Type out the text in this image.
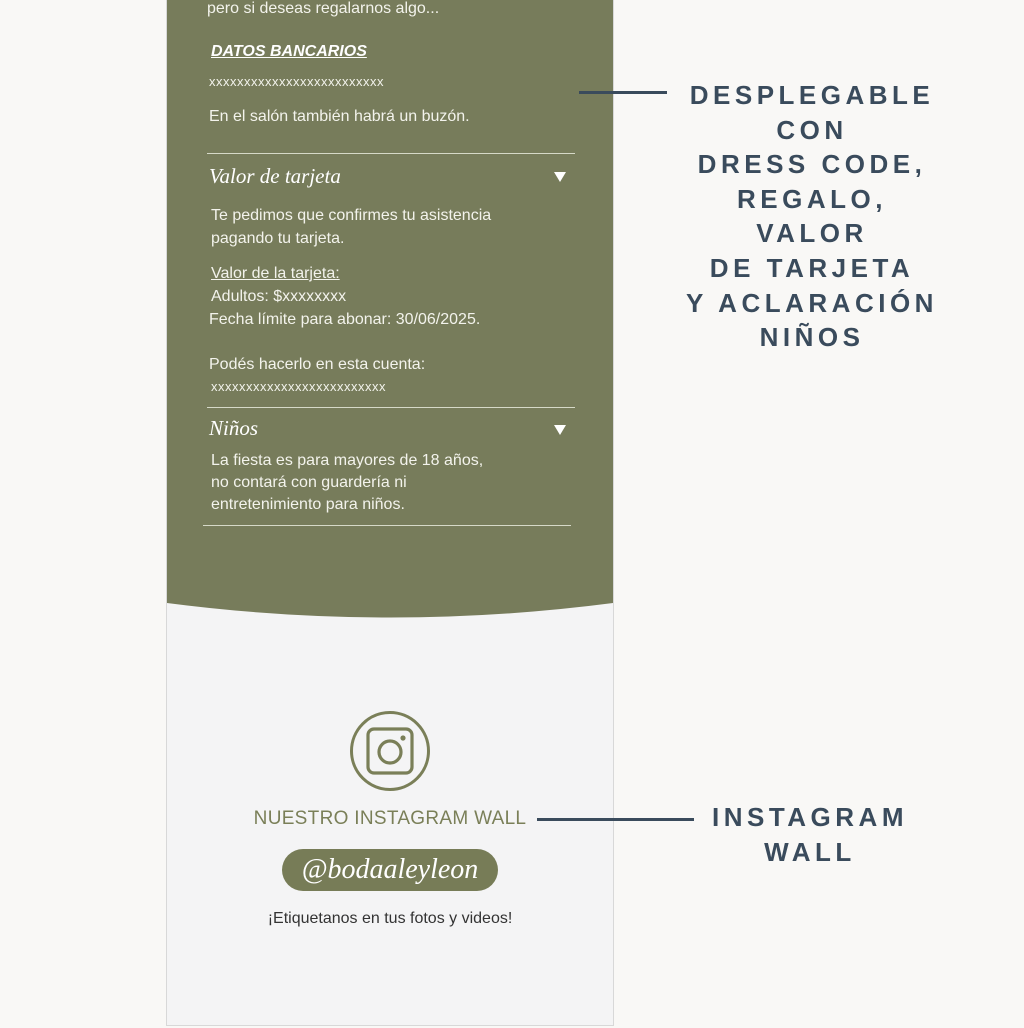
pero si deseas regalarnos algo...
DATOS BANCARIOS
xxxxxxxxxxxxxxxxxxxxxxxxx
En el salón también habrá un buzón.
Valor de tarjeta
Te pedimos que confirmes tu asistencia
pagando tu tarjeta.
Valor de la tarjeta:
Adultos: $xxxxxxxx
Fecha límite para abonar: 30/06/2025.
Podés hacerlo en esta cuenta:
xxxxxxxxxxxxxxxxxxxxxxxxx
Niños
La fiesta es para mayores de 18 años,
no contará con guardería ni
entretenimiento para niños.
NUESTRO INSTAGRAM WALL
@bodaaleyleon
¡Etiquetanos en tus fotos y videos!
DESPLEGABLE
CON
DRESS CODE,
REGALO,
VALOR
DE TARJETA
Y ACLARACIÓN
NIÑOS
INSTAGRAM
WALL
